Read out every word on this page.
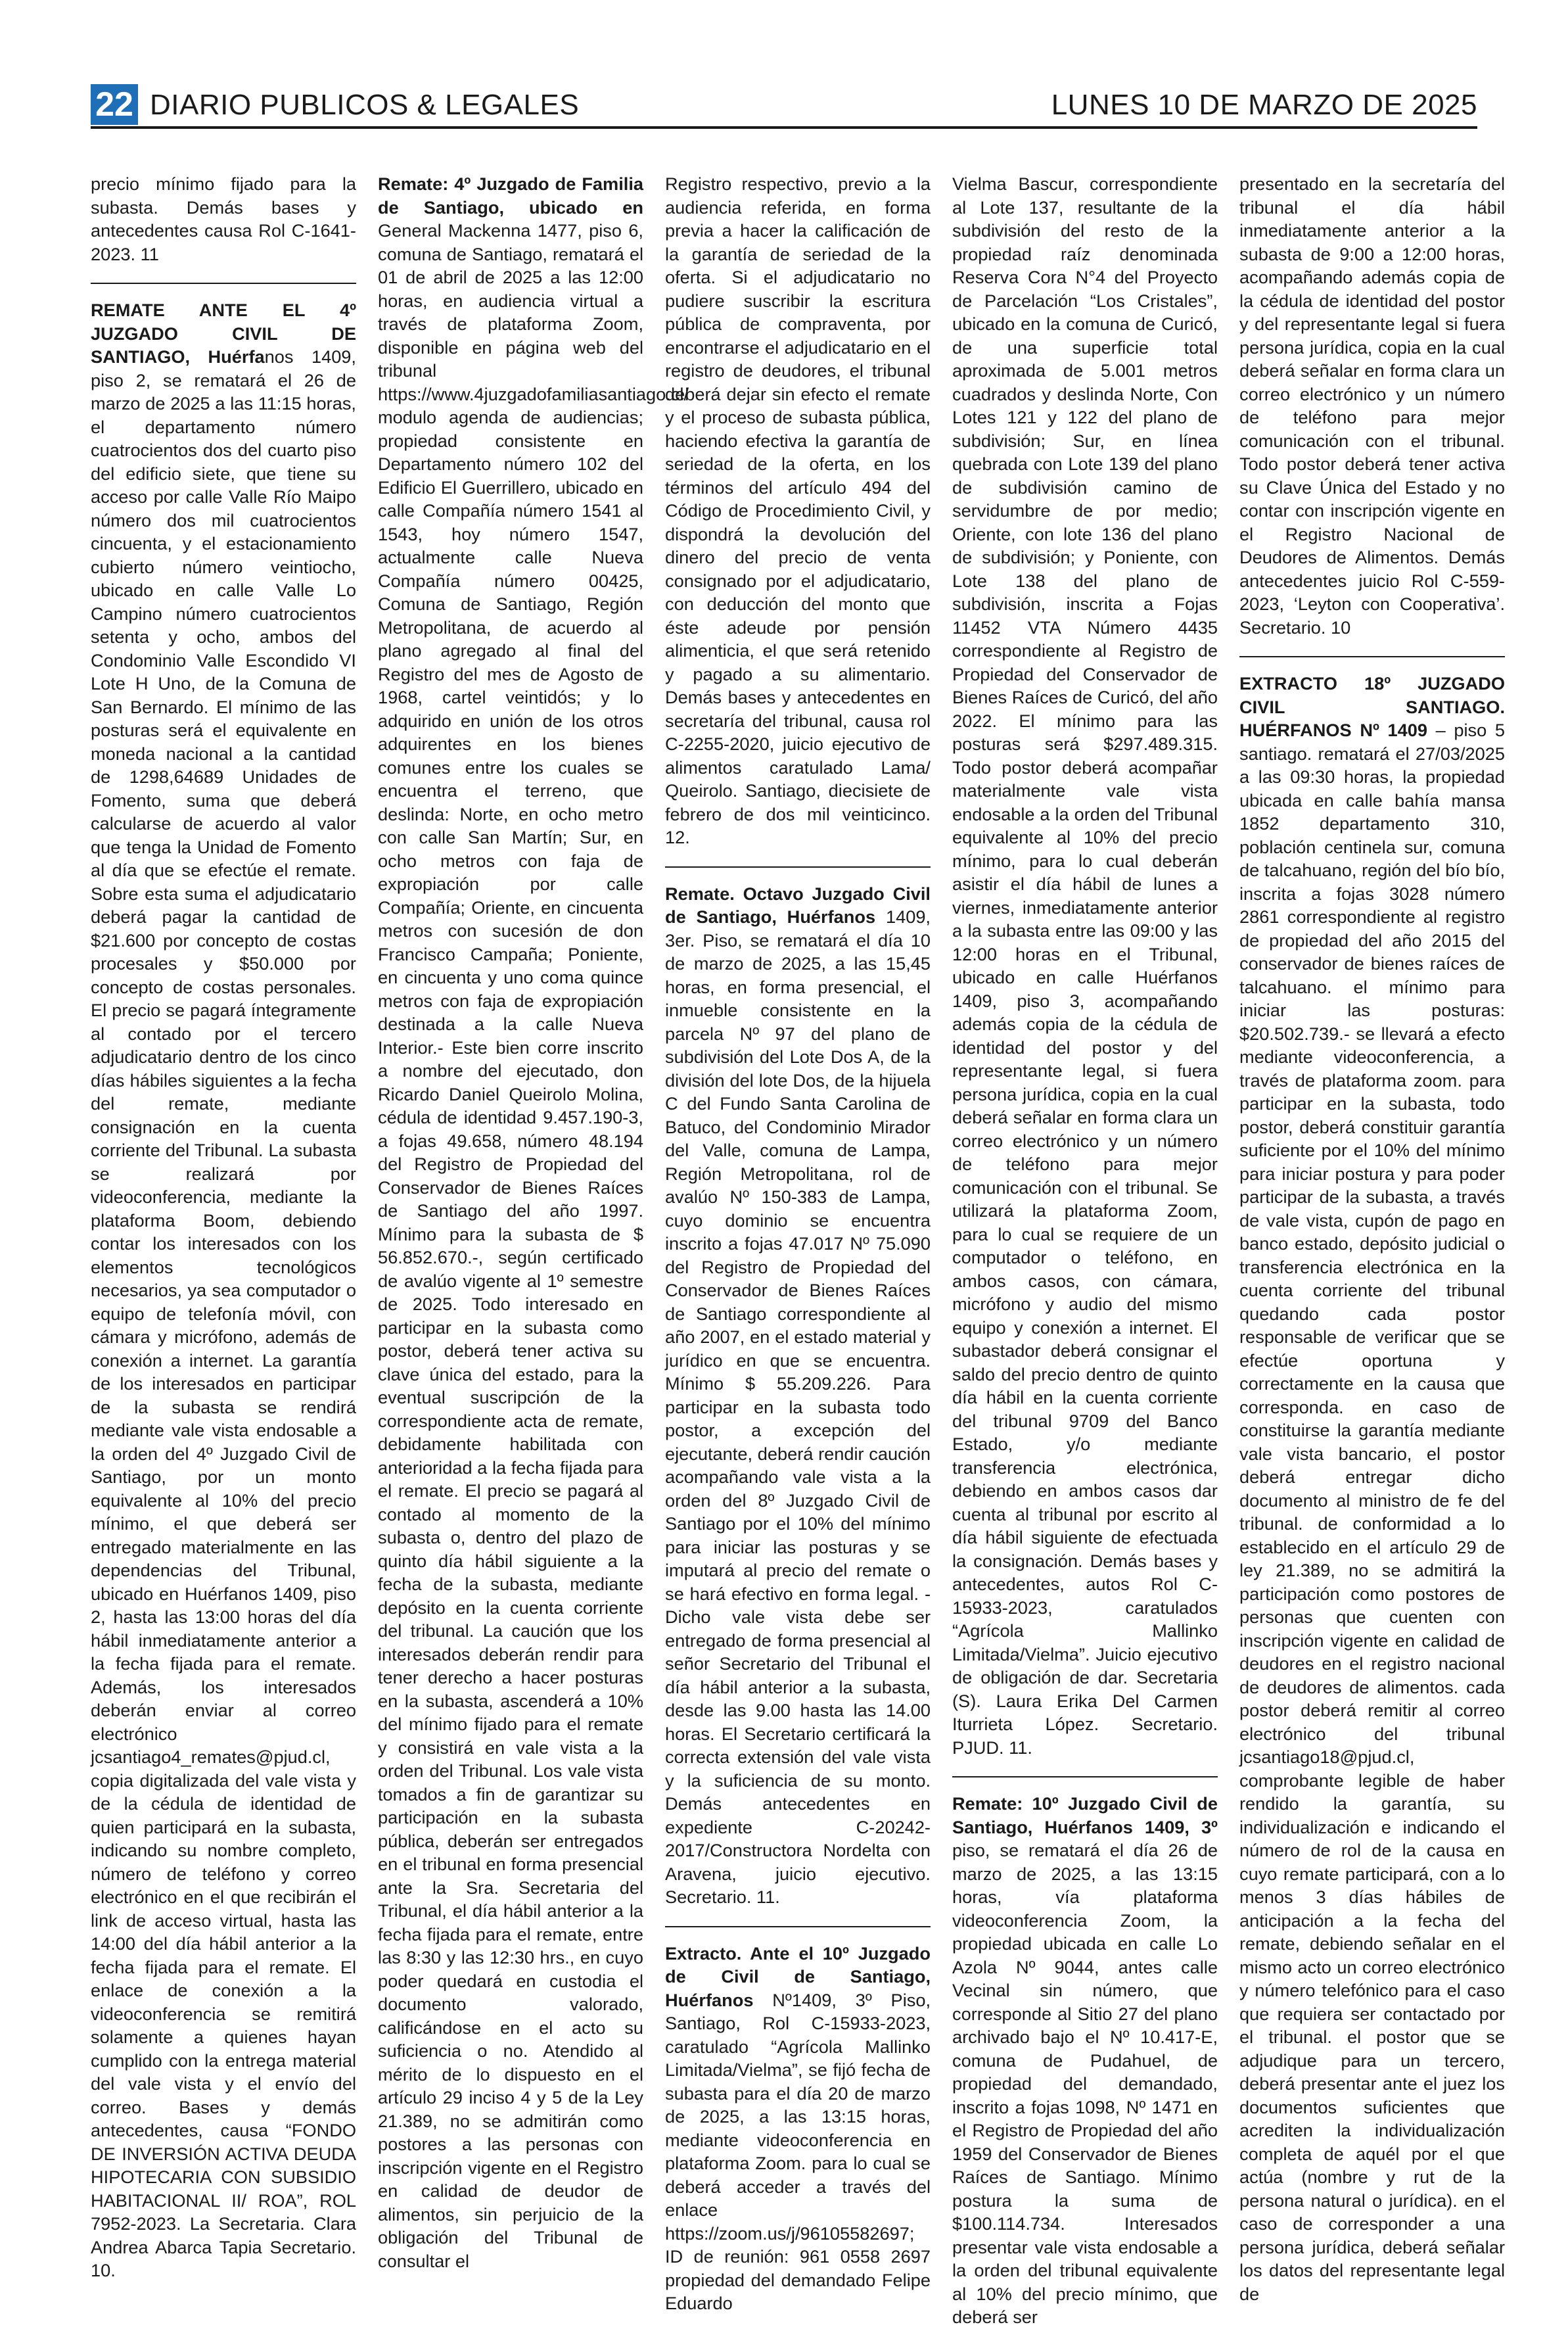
22 DIARIO PUBLICOS & LEGALES	LUNES 10 DE MARZO DE 2025

precio mínimo fijado para la subasta. Demás bases y antecedentes causa Rol C-1641-2023. 11

REMATE ANTE EL 4º JUZGADO CIVIL DE SANTIAGO, Huérfanos 1409, piso 2, se rematará el 26 de marzo de 2025 a las 11:15 horas, el departamento número cuatrocientos dos del cuarto piso del edificio siete, que tiene su acceso por calle Valle Río Maipo número dos mil cuatrocientos cincuenta, y el estacionamiento cubierto número veintiocho, ubicado en calle Valle Lo Campino número cuatrocientos setenta y ocho, ambos del Condominio Valle Escondido VI Lote H Uno, de la Comuna de San Bernardo. El mínimo de las posturas será el equivalente en moneda nacional a la cantidad de 1298,64689 Unidades de Fomento, suma que deberá calcularse de acuerdo al valor que tenga la Unidad de Fomento al día que se efectúe el remate. Sobre esta suma el adjudicatario deberá pagar la cantidad de $21.600 por concepto de costas procesales y $50.000 por concepto de costas personales. El precio se pagará íntegramente al contado por el tercero adjudicatario dentro de los cinco días hábiles siguientes a la fecha del remate, mediante consignación en la cuenta corriente del Tribunal. La subasta se realizará por videoconferencia, mediante la plataforma Boom, debiendo contar los interesados con los elementos tecnológicos necesarios, ya sea computador o equipo de telefonía móvil, con cámara y micrófono, además de conexión a internet. La garantía de los interesados en participar de la subasta se rendirá mediante vale vista endosable a la orden del 4º Juzgado Civil de Santiago, por un monto equivalente al 10% del precio mínimo, el que deberá ser entregado materialmente en las dependencias del Tribunal, ubicado en Huérfanos 1409, piso 2, hasta las 13:00 horas del día hábil inmediatamente anterior a la fecha fijada para el remate. Además, los interesados deberán enviar al correo electrónico jcsantiago4_remates@pjud.cl, copia digitalizada del vale vista y de la cédula de identidad de quien participará en la subasta, indicando su nombre completo, número de teléfono y correo electrónico en el que recibirán el link de acceso virtual, hasta las 14:00 del día hábil anterior a la fecha fijada para el remate. El enlace de conexión a la videoconferencia se remitirá solamente a quienes hayan cumplido con la entrega material del vale vista y el envío del correo. Bases y demás antecedentes, causa “FONDO DE INVERSIÓN ACTIVA DEUDA HIPOTECARIA CON SUBSIDIO HABITACIONAL II/ ROA”, ROL 7952-2023. La Secretaria. Clara Andrea Abarca Tapia Secretario. 10.

Remate: 4º Juzgado de Familia de Santiago, ubicado en General Mackenna 1477, piso 6, comuna de Santiago, rematará el 01 de abril de 2025 a las 12:00 horas, en audiencia virtual a través de plataforma Zoom, disponible en página web del tribunal https://www.4juzgadofamiliasantiago.cl/ modulo agenda de audiencias; propiedad consistente en Departamento número 102 del Edificio El Guerrillero, ubicado en calle Compañía número 1541 al 1543, hoy número 1547, actualmente calle Nueva Compañía número 00425, Comuna de Santiago, Región Metropolitana, de acuerdo al plano agregado al final del Registro del mes de Agosto de 1968, cartel veintidós; y lo adquirido en unión de los otros adquirentes en los bienes comunes entre los cuales se encuentra el terreno, que deslinda: Norte, en ocho metro con calle San Martín; Sur, en ocho metros con faja de expropiación por calle Compañía; Oriente, en cincuenta metros con sucesión de don Francisco Campaña; Poniente, en cincuenta y uno coma quince metros con faja de expropiación destinada a la calle Nueva Interior.- Este bien corre inscrito a nombre del ejecutado, don Ricardo Daniel Queirolo Molina, cédula de identidad 9.457.190-3, a fojas 49.658, número 48.194 del Registro de Propiedad del Conservador de Bienes Raíces de Santiago del año 1997. Mínimo para la subasta de $ 56.852.670.-, según certificado de avalúo vigente al 1º semestre de 2025. Todo interesado en participar en la subasta como postor, deberá tener activa su clave única del estado, para la eventual suscripción de la correspondiente acta de remate, debidamente habilitada con anterioridad a la fecha fijada para el remate. El precio se pagará al contado al momento de la subasta o, dentro del plazo de quinto día hábil siguiente a la fecha de la subasta, mediante depósito en la cuenta corriente del tribunal. La caución que los interesados deberán rendir para tener derecho a hacer posturas en la subasta, ascenderá a 10% del mínimo fijado para el remate y consistirá en vale vista a la orden del Tribunal. Los vale vista tomados a fin de garantizar su participación en la subasta pública, deberán ser entregados en el tribunal en forma presencial ante la Sra. Secretaria del Tribunal, el día hábil anterior a la fecha fijada para el remate, entre las 8:30 y las 12:30 hrs., en cuyo poder quedará en custodia el documento valorado, calificándose en el acto su suficiencia o no. Atendido al mérito de lo dispuesto en el artículo 29 inciso 4 y 5 de la Ley 21.389, no se admitirán como postores a las personas con inscripción vigente en el Registro en calidad de deudor de alimentos, sin perjuicio de la obligación del Tribunal de consultar el

Registro respectivo, previo a la audiencia referida, en forma previa a hacer la calificación de la garantía de seriedad de la oferta. Si el adjudicatario no pudiere suscribir la escritura pública de compraventa, por encontrarse el adjudicatario en el registro de deudores, el tribunal deberá dejar sin efecto el remate y el proceso de subasta pública, haciendo efectiva la garantía de seriedad de la oferta, en los términos del artículo 494 del Código de Procedimiento Civil, y dispondrá la devolución del dinero del precio de venta consignado por el adjudicatario, con deducción del monto que éste adeude por pensión alimenticia, el que será retenido y pagado a su alimentario. Demás bases y antecedentes en secretaría del tribunal, causa rol C-2255-2020, juicio ejecutivo de alimentos caratulado Lama/ Queirolo. Santiago, diecisiete de febrero de dos mil veinticinco. 12.

Remate. Octavo Juzgado Civil de Santiago, Huérfanos 1409, 3er. Piso, se rematará el día 10 de marzo de 2025, a las 15,45 horas, en forma presencial, el inmueble consistente en la parcela Nº 97 del plano de subdivisión del Lote Dos A, de la división del lote Dos, de la hijuela C del Fundo Santa Carolina de Batuco, del Condominio Mirador del Valle, comuna de Lampa, Región Metropolitana, rol de avalúo Nº 150-383 de Lampa, cuyo dominio se encuentra inscrito a fojas 47.017 Nº 75.090 del Registro de Propiedad del Conservador de Bienes Raíces de Santiago correspondiente al año 2007, en el estado material y jurídico en que se encuentra. Mínimo $ 55.209.226. Para participar en la subasta todo postor, a excepción del ejecutante, deberá rendir caución acompañando vale vista a la orden del 8º Juzgado Civil de Santiago por el 10% del mínimo para iniciar las posturas y se imputará al precio del remate o se hará efectivo en forma legal. - Dicho vale vista debe ser entregado de forma presencial al señor Secretario del Tribunal el día hábil anterior a la subasta, desde las 9.00 hasta las 14.00 horas. El Secretario certificará la correcta extensión del vale vista y la suficiencia de su monto. Demás antecedentes en expediente C-20242-2017/Constructora Nordelta con Aravena, juicio ejecutivo. Secretario. 11.

Extracto. Ante el 10º Juzgado de Civil de Santiago, Huérfanos Nº1409, 3º Piso, Santiago, Rol C-15933-2023, caratulado “Agrícola Mallinko Limitada/Vielma”, se fijó fecha de subasta para el día 20 de marzo de 2025, a las 13:15 horas, mediante videoconferencia en plataforma Zoom. para lo cual se deberá acceder a través del enlace https://zoom.us/j/96105582697; ID de reunión: 961 0558 2697 propiedad del demandado Felipe Eduardo

Vielma Bascur, correspondiente al Lote 137, resultante de la subdivisión del resto de la propiedad raíz denominada Reserva Cora N°4 del Proyecto de Parcelación “Los Cristales”, ubicado en la comuna de Curicó, de una superficie total aproximada de 5.001 metros cuadrados y deslinda Norte, Con Lotes 121 y 122 del plano de subdivisión; Sur, en línea quebrada con Lote 139 del plano de subdivisión camino de servidumbre de por medio; Oriente, con lote 136 del plano de subdivisión; y Poniente, con Lote 138 del plano de subdivisión, inscrita a Fojas 11452 VTA Número 4435 correspondiente al Registro de Propiedad del Conservador de Bienes Raíces de Curicó, del año 2022. El mínimo para las posturas será $297.489.315. Todo postor deberá acompañar materialmente vale vista endosable a la orden del Tribunal equivalente al 10% del precio mínimo, para lo cual deberán asistir el día hábil de lunes a viernes, inmediatamente anterior a la subasta entre las 09:00 y las 12:00 horas en el Tribunal, ubicado en calle Huérfanos 1409, piso 3, acompañando además copia de la cédula de identidad del postor y del representante legal, si fuera persona jurídica, copia en la cual deberá señalar en forma clara un correo electrónico y un número de teléfono para mejor comunicación con el tribunal. Se utilizará la plataforma Zoom, para lo cual se requiere de un computador o teléfono, en ambos casos, con cámara, micrófono y audio del mismo equipo y conexión a internet. El subastador deberá consignar el saldo del precio dentro de quinto día hábil en la cuenta corriente del tribunal 9709 del Banco Estado, y/o mediante transferencia electrónica, debiendo en ambos casos dar cuenta al tribunal por escrito al día hábil siguiente de efectuada la consignación. Demás bases y antecedentes, autos Rol C-15933-2023, caratulados “Agrícola Mallinko Limitada/Vielma”. Juicio ejecutivo de obligación de dar. Secretaria (S). Laura Erika Del Carmen Iturrieta López. Secretario. PJUD. 11.

Remate: 10º Juzgado Civil de Santiago, Huérfanos 1409, 3º piso, se rematará el día 26 de marzo de 2025, a las 13:15 horas, vía plataforma videoconferencia Zoom, la propiedad ubicada en calle Lo Azola Nº 9044, antes calle Vecinal sin número, que corresponde al Sitio 27 del plano archivado bajo el Nº 10.417-E, comuna de Pudahuel, de propiedad del demandado, inscrito a fojas 1098, Nº 1471 en el Registro de Propiedad del año 1959 del Conservador de Bienes Raíces de Santiago. Mínimo postura la suma de $100.114.734. Interesados presentar vale vista endosable a la orden del tribunal equivalente al 10% del precio mínimo, que deberá ser

presentado en la secretaría del tribunal el día hábil inmediatamente anterior a la subasta de 9:00 a 12:00 horas, acompañando además copia de la cédula de identidad del postor y del representante legal si fuera persona jurídica, copia en la cual deberá señalar en forma clara un correo electrónico y un número de teléfono para mejor comunicación con el tribunal. Todo postor deberá tener activa su Clave Única del Estado y no contar con inscripción vigente en el Registro Nacional de Deudores de Alimentos. Demás antecedentes juicio Rol C-559-2023, ‘Leyton con Cooperativa’. Secretario. 10

EXTRACTO 18º JUZGADO CIVIL SANTIAGO. HUÉRFANOS Nº 1409 – piso 5 santiago. rematará el 27/03/2025 a las 09:30 horas, la propiedad ubicada en calle bahía mansa 1852 departamento 310, población centinela sur, comuna de talcahuano, región del bío bío, inscrita a fojas 3028 número 2861 correspondiente al registro de propiedad del año 2015 del conservador de bienes raíces de talcahuano. el mínimo para iniciar las posturas: $20.502.739.- se llevará a efecto mediante videoconferencia, a través de plataforma zoom. para participar en la subasta, todo postor, deberá constituir garantía suficiente por el 10% del mínimo para iniciar postura y para poder participar de la subasta, a través de vale vista, cupón de pago en banco estado, depósito judicial o transferencia electrónica en la cuenta corriente del tribunal quedando cada postor responsable de verificar que se efectúe oportuna y correctamente en la causa que corresponda. en caso de constituirse la garantía mediante vale vista bancario, el postor deberá entregar dicho documento al ministro de fe del tribunal. de conformidad a lo establecido en el artículo 29 de ley 21.389, no se admitirá la participación como postores de personas que cuenten con inscripción vigente en calidad de deudores en el registro nacional de deudores de alimentos. cada postor deberá remitir al correo electrónico del tribunal jcsantiago18@pjud.cl, comprobante legible de haber rendido la garantía, su individualización e indicando el número de rol de la causa en cuyo remate participará, con a lo menos 3 días hábiles de anticipación a la fecha del remate, debiendo señalar en el mismo acto un correo electrónico y número telefónico para el caso que requiera ser contactado por el tribunal. el postor que se adjudique para un tercero, deberá presentar ante el juez los documentos suficientes que acrediten la individualización completa de aquél por el que actúa (nombre y rut de la persona natural o jurídica). en el caso de corresponder a una persona jurídica, deberá señalar los datos del representante legal de
